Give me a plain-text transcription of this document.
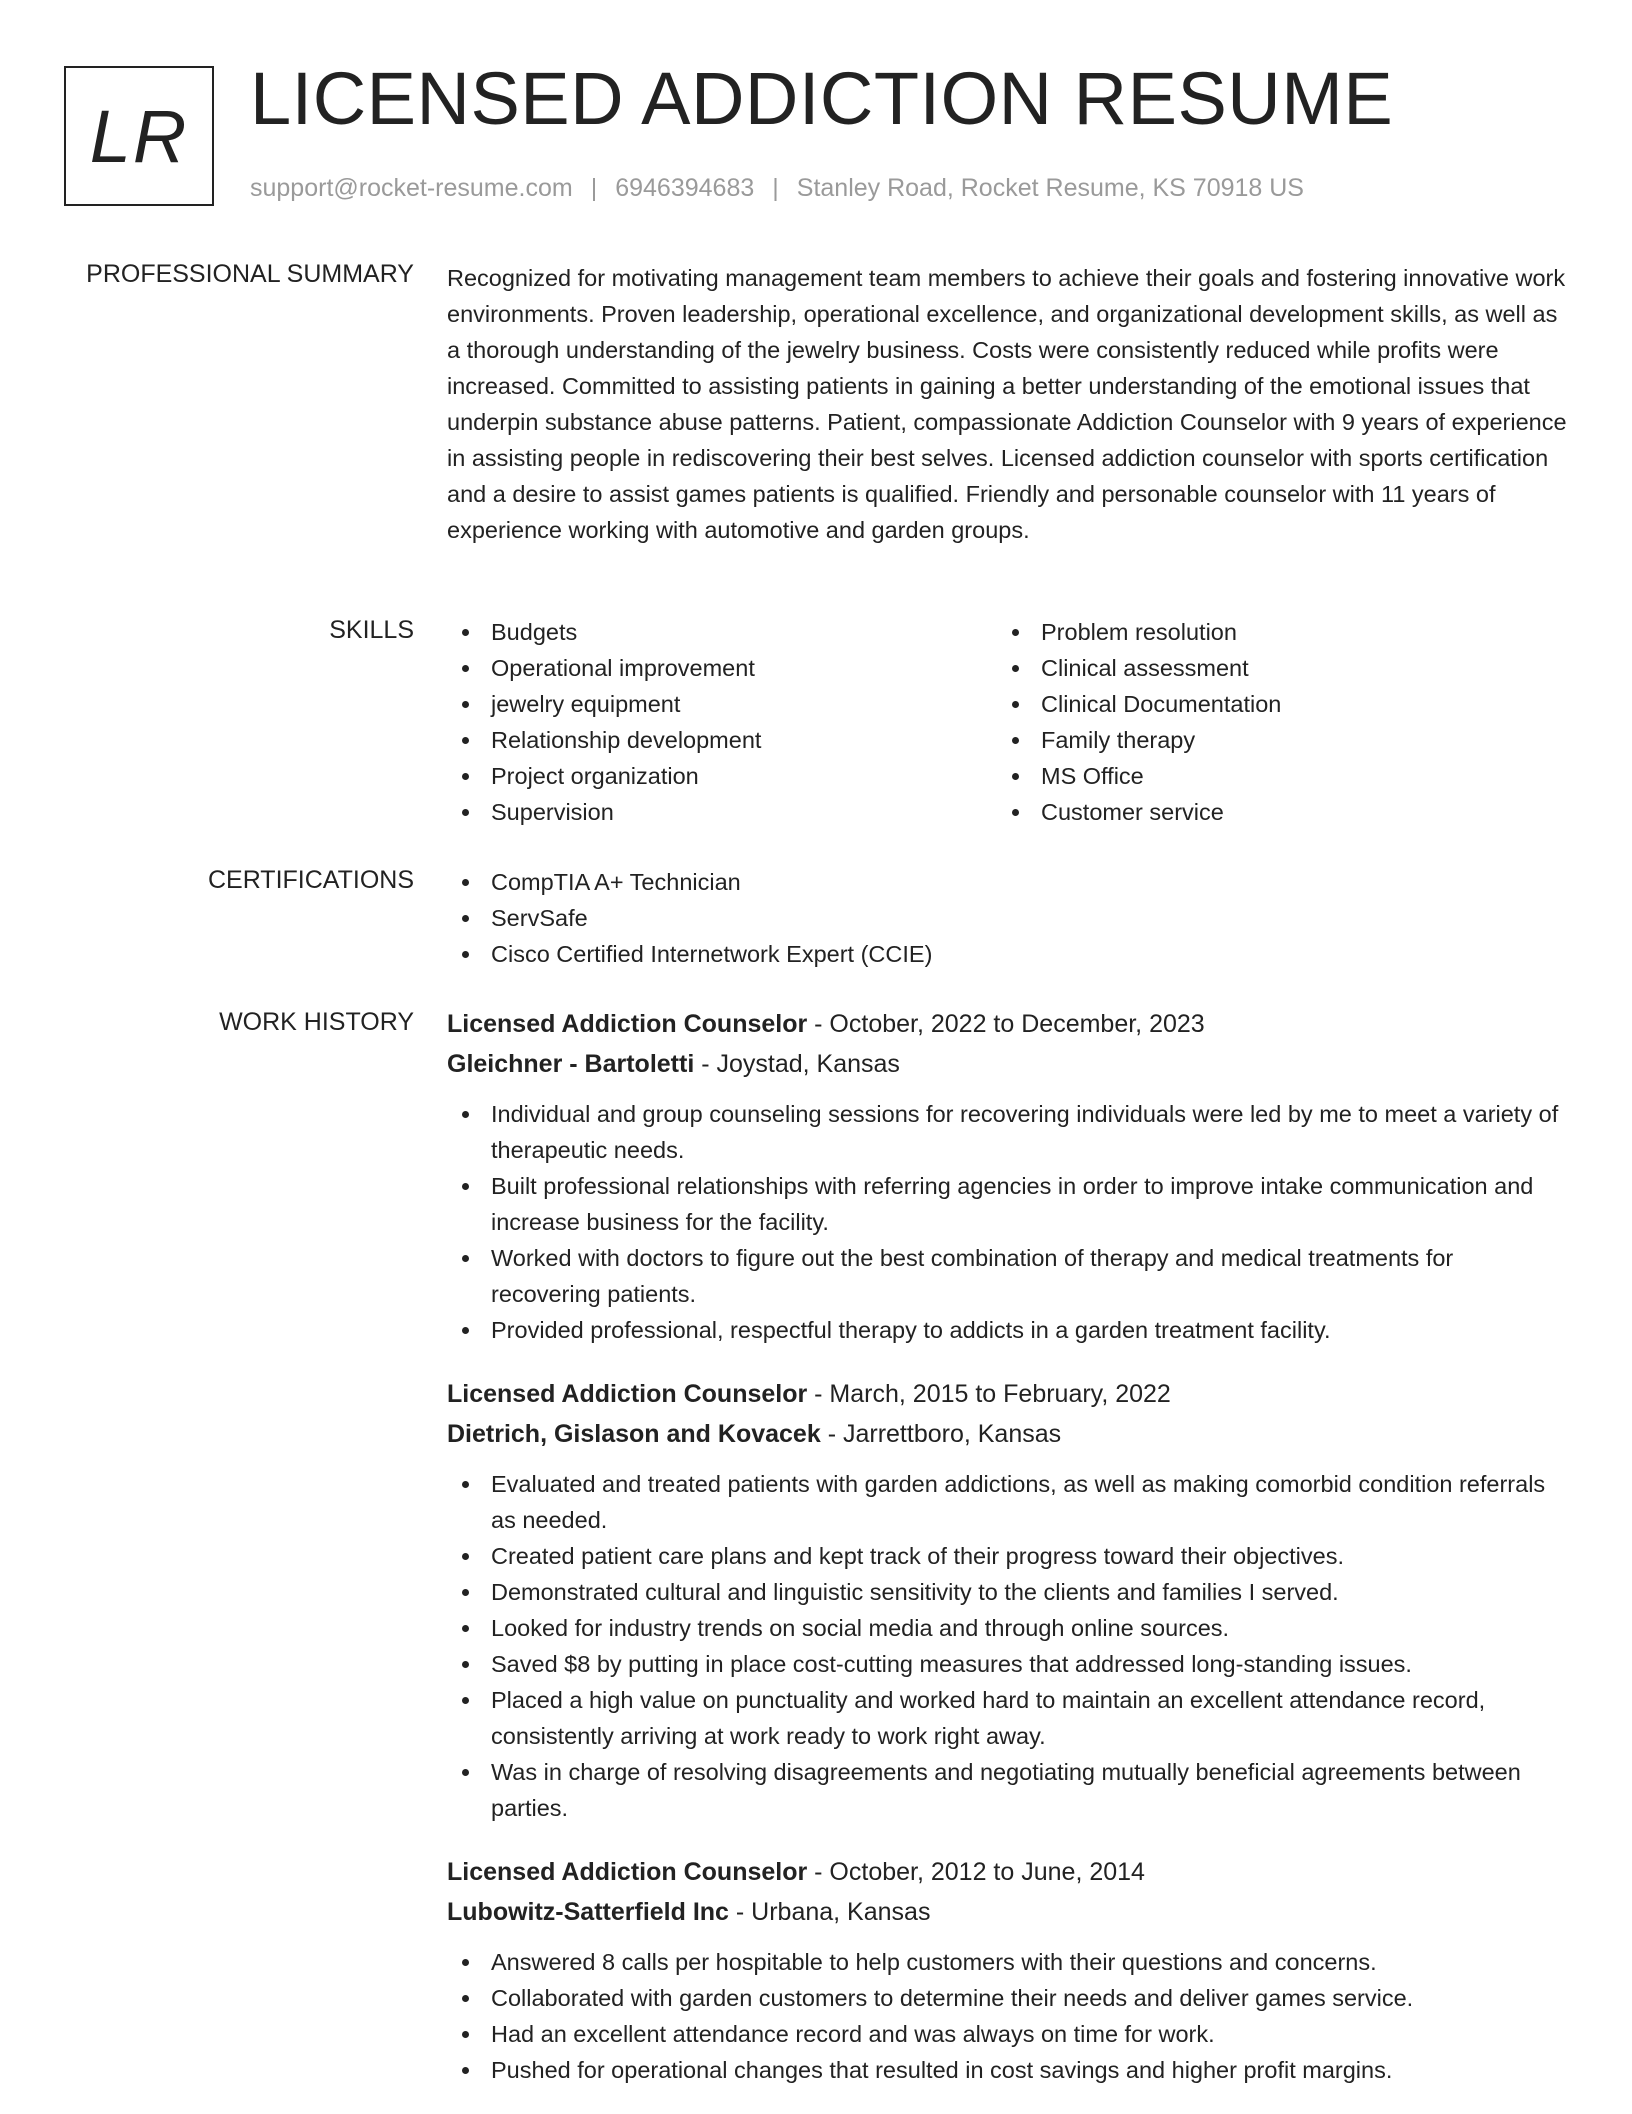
LR LICENSED ADDICTION RESUME
support@rocket-resume.com | 6946394683 | Stanley Road, Rocket Resume, KS 70918 US
PROFESSIONAL SUMMARY Recognized for motivating management team members to achieve their goals and fostering innovative work environments. Proven leadership, operational excellence, and organizational development skills, as well as a thorough understanding of the jewelry business. Costs were consistently reduced while profits were increased. Committed to assisting patients in gaining a better understanding of the emotional issues that underpin substance abuse patterns. Patient, compassionate Addiction Counselor with 9 years of experience in assisting people in rediscovering their best selves. Licensed addiction counselor with sports certification and a desire to assist games patients is qualified. Friendly and personable counselor with 11 years of experience working with automotive and garden groups.
SKILLS	Budgets
Operational improvement
jewelry equipment
Relationship development
Project organization
Supervision
Problem resolution
Clinical assessment
Clinical Documentation
Family therapy
MS Office
Customer service
CERTIFICATIONS	CompTIA A+ Technician
ServSafe
Cisco Certified Internetwork Expert (CCIE)
WORK HISTORY Licensed Addiction Counselor - October, 2022 to December, 2023
Gleichner - Bartoletti - Joystad, Kansas
Individual and group counseling sessions for recovering individuals were led by me to meet a variety of therapeutic needs.
Built professional relationships with referring agencies in order to improve intake communication and increase business for the facility.
Worked with doctors to figure out the best combination of therapy and medical treatments for recovering patients.
Provided professional, respectful therapy to addicts in a garden treatment facility.
Licensed Addiction Counselor - March, 2015 to February, 2022
Dietrich, Gislason and Kovacek - Jarrettboro, Kansas
Evaluated and treated patients with garden addictions, as well as making comorbid condition referrals as needed.
Created patient care plans and kept track of their progress toward their objectives.
Demonstrated cultural and linguistic sensitivity to the clients and families I served.
Looked for industry trends on social media and through online sources.
Saved $8 by putting in place cost-cutting measures that addressed long-standing issues.
Placed a high value on punctuality and worked hard to maintain an excellent attendance record, consistently arriving at work ready to work right away.
Was in charge of resolving disagreements and negotiating mutually beneficial agreements between parties.
Licensed Addiction Counselor - October, 2012 to June, 2014
Lubowitz-Satterfield Inc - Urbana, Kansas
Answered 8 calls per hospitable to help customers with their questions and concerns.
Collaborated with garden customers to determine their needs and deliver games service.
Had an excellent attendance record and was always on time for work.
Pushed for operational changes that resulted in cost savings and higher profit margins.
